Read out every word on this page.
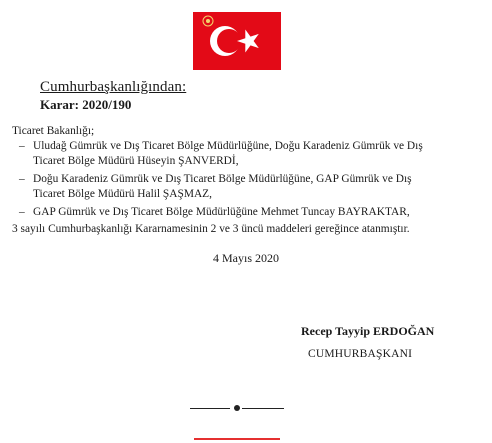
Cumhurbaşkanlığından:
Karar: 2020/190
Ticaret Bakanlığı;
– Uludağ Gümrük ve Dış Ticaret Bölge Müdürlüğüne, Doğu Karadeniz Gümrük ve Dış
Ticaret Bölge Müdürü Hüseyin ŞANVERDİ,
– Doğu Karadeniz Gümrük ve Dış Ticaret Bölge Müdürlüğüne, GAP Gümrük ve Dış
Ticaret Bölge Müdürü Halil ŞAŞMAZ,
– GAP Gümrük ve Dış Ticaret Bölge Müdürlüğüne Mehmet Tuncay BAYRAKTAR,
3 sayılı Cumhurbaşkanlığı Kararnamesinin 2 ve 3 üncü maddeleri gereğince atanmıştır.
4 Mayıs 2020
Recep Tayyip ERDOĞAN
CUMHURBAŞKANI
